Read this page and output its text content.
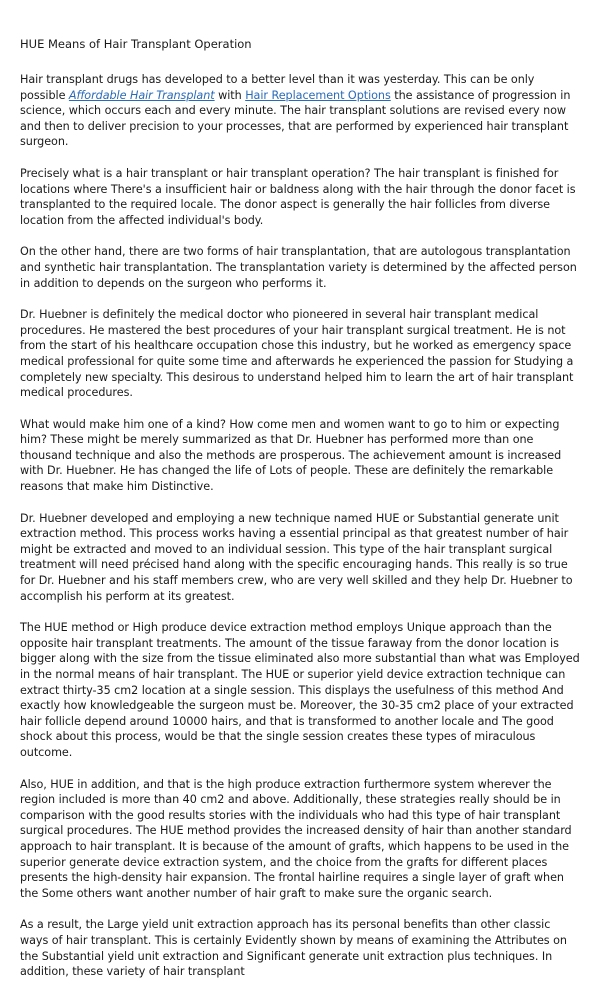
HUE Means of Hair Transplant Operation

Hair transplant drugs has developed to a better level than it was yesterday. This can be only possible Affordable Hair Transplant with Hair Replacement Options the assistance of progression in science, which occurs each and every minute. The hair transplant solutions are revised every now and then to deliver precision to your processes, that are performed by experienced hair transplant surgeon.

Precisely what is a hair transplant or hair transplant operation? The hair transplant is finished for locations where There's a insufficient hair or baldness along with the hair through the donor facet is transplanted to the required locale. The donor aspect is generally the hair follicles from diverse location from the affected individual's body.

On the other hand, there are two forms of hair transplantation, that are autologous transplantation and synthetic hair transplantation. The transplantation variety is determined by the affected person in addition to depends on the surgeon who performs it.

Dr. Huebner is definitely the medical doctor who pioneered in several hair transplant medical procedures. He mastered the best procedures of your hair transplant surgical treatment. He is not from the start of his healthcare occupation chose this industry, but he worked as emergency space medical professional for quite some time and afterwards he experienced the passion for Studying a completely new specialty. This desirous to understand helped him to learn the art of hair transplant medical procedures.

What would make him one of a kind? How come men and women want to go to him or expecting him? These might be merely summarized as that Dr. Huebner has performed more than one thousand technique and also the methods are prosperous. The achievement amount is increased with Dr. Huebner. He has changed the life of Lots of people. These are definitely the remarkable reasons that make him Distinctive.

Dr. Huebner developed and employing a new technique named HUE or Substantial generate unit extraction method. This process works having a essential principal as that greatest number of hair might be extracted and moved to an individual session. This type of the hair transplant surgical treatment will need précised hand along with the specific encouraging hands. This really is so true for Dr. Huebner and his staff members crew, who are very well skilled and they help Dr. Huebner to accomplish his perform at its greatest.

The HUE method or High produce device extraction method employs Unique approach than the opposite hair transplant treatments. The amount of the tissue faraway from the donor location is bigger along with the size from the tissue eliminated also more substantial than what was Employed in the normal means of hair transplant. The HUE or superior yield device extraction technique can extract thirty-35 cm2 location at a single session. This displays the usefulness of this method And exactly how knowledgeable the surgeon must be. Moreover, the 30-35 cm2 place of your extracted hair follicle depend around 10000 hairs, and that is transformed to another locale and The good shock about this process, would be that the single session creates these types of miraculous outcome.

Also, HUE in addition, and that is the high produce extraction furthermore system wherever the region included is more than 40 cm2 and above. Additionally, these strategies really should be in comparison with the good results stories with the individuals who had this type of hair transplant surgical procedures. The HUE method provides the increased density of hair than another standard approach to hair transplant. It is because of the amount of grafts, which happens to be used in the superior generate device extraction system, and the choice from the grafts for different places presents the high-density hair expansion. The frontal hairline requires a single layer of graft when the Some others want another number of hair graft to make sure the organic search.

As a result, the Large yield unit extraction approach has its personal benefits than other classic ways of hair transplant. This is certainly Evidently shown by means of examining the Attributes on the Substantial yield unit extraction and Significant generate unit extraction plus techniques. In addition, these variety of hair transplant
